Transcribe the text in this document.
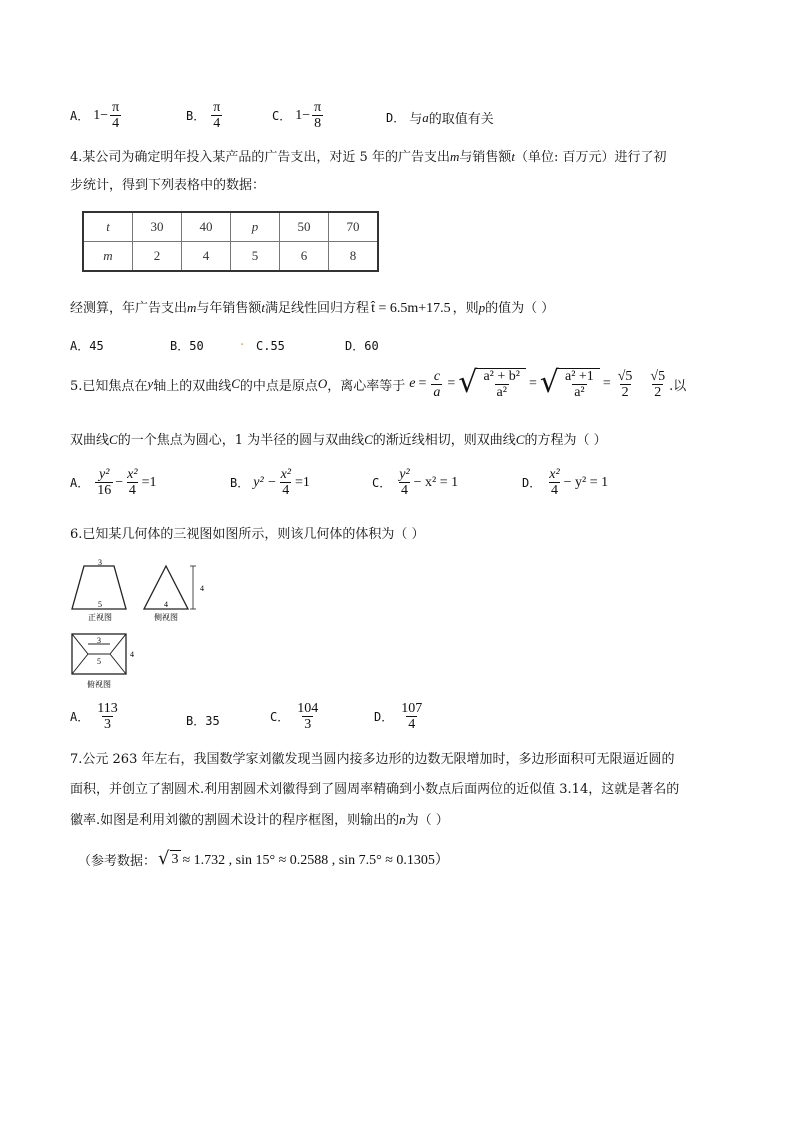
A． $1- \frac{\pi}{4}$	B． $\frac{\pi}{4}$	C． $1- \frac{\pi}{8}$	D． 与 a 的取值有关
4.某公司为确定明年投入某产品的广告支出，对近 5 年的广告支出m与销售额t（单位: 百万元）进行了初
步统计，得到下列表格中的数据：
t	30	40	p	50	70
m	2	4	5	6	8
经测算，年广告支出m与年销售额t满足线性回归方程 t̂ = 6.5m+17.5 ，则p的值为（ ）
A．45	B．50	. C.55	D．60
5.已知焦点在 y 轴上的双曲线 C 的中点是原点 O ，离心率等于 $e = \frac{c}{a}$ = √ $\frac{\text{a² + b²}}{\text{a²}}$ = √ $\frac{\text{a² +1}}{\text{a²}} = \frac{√5}{2} \frac{√5}{2}$ .以
双曲线C的一个焦点为圆心，1 为半径的圆与双曲线C的渐近线相切，则双曲线C的方程为（ ）
A． $\frac{\text{y²}}{16} - \frac{\text{x²}}{4} =1$	B． $y^2 - \frac{\text{x²}}{4} =1$	C． $\frac{\text{y²}}{4} - x^2 = 1$	D． $\frac{\text{x²}}{4} - y^2 = 1$
6.已知某几何体的三视图如图所示，则该几何体的体积为（ ）
3
5
正视图
4
4
侧视图
3
5
4
俯视图
A． $\frac{113}{3}$	B．35	C． $\frac{104}{3}$	D． $\frac{107}{4}$
7.公元 263 年左右，我国数学家刘徽发现当圆内接多边形的边数无限增加时，多边形面积可无限逼近圆的
面积，并创立了割圆术.利用割圆术刘徽得到了圆周率精确到小数点后面两位的近似值 3.14，这就是著名的
徽率.如图是利用刘徽的割圆术设计的程序框图，则输出的n为（ ）
（参考数据： √ 3 ≈ 1.732 , sin 15° ≈ 0.2588 , sin 7.5° ≈ 0.1305）
